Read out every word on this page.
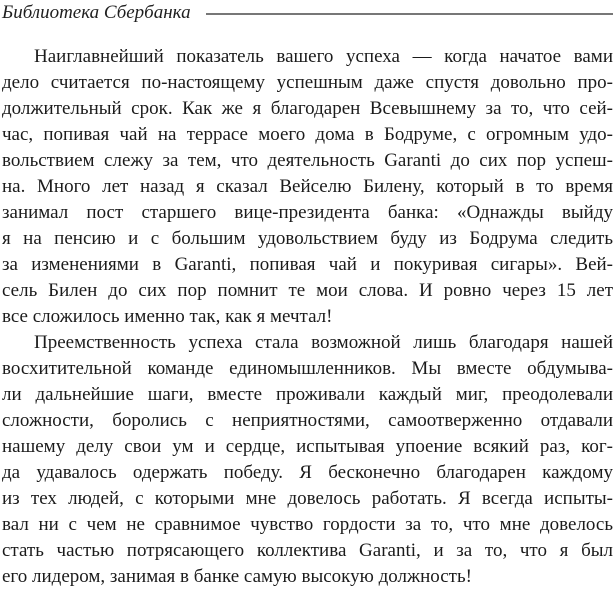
Библиотека Сбербанка
Наиглавнейший показатель вашего успеха — когда начатое вами
дело считается по-настоящему успешным даже спустя довольно про-
должительный срок. Как же я благодарен Всевышнему за то, что сей-
час, попивая чай на террасе моего дома в Бодруме, с огромным удо-
вольствием слежу за тем, что деятельность Garanti до сих пор успеш-
на. Много лет назад я сказал Вейселю Билену, который в то время
занимал пост старшего вице-президента банка: «Однажды выйду
я на пенсию и с большим удовольствием буду из Бодрума следить
за изменениями в Garanti, попивая чай и покуривая сигары». Вей-
сель Билен до сих пор помнит те мои слова. И ровно через 15 лет
все сложилось именно так, как я мечтал!
Преемственность успеха стала возможной лишь благодаря нашей
восхитительной команде единомышленников. Мы вместе обдумыва-
ли дальнейшие шаги, вместе проживали каждый миг, преодолевали
сложности, боролись с неприятностями, самоотверженно отдавали
нашему делу свои ум и сердце, испытывая упоение всякий раз, ког-
да удавалось одержать победу. Я бесконечно благодарен каждому
из тех людей, с которыми мне довелось работать. Я всегда испыты-
вал ни с чем не сравнимое чувство гордости за то, что мне довелось
стать частью потрясающего коллектива Garanti, и за то, что я был
его лидером, занимая в банке самую высокую должность!
